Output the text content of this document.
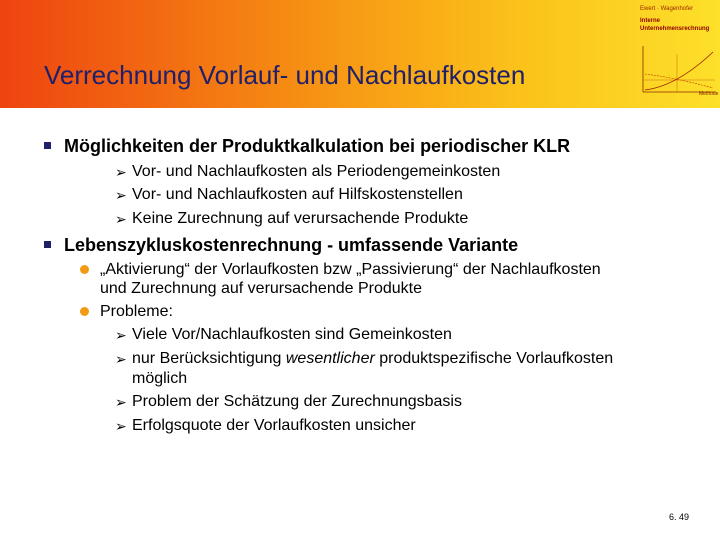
Ewert · Wagenhofer
Interne
Unternehmensrechnung
Methode
Verrechnung Vorlauf- und Nachlaufkosten
Möglichkeiten der Produktkalkulation bei periodischer KLR
➢ Vor- und Nachlaufkosten als Periodengemeinkosten
➢ Vor- und Nachlaufkosten auf Hilfskostenstellen
➢ Keine Zurechnung auf verursachende Produkte
Lebenszykluskostenrechnung - umfassende Variante
„Aktivierung“ der Vorlaufkosten bzw „Passivierung“ der Nachlaufkosten
und Zurechnung auf verursachende Produkte
Probleme:
➢ Viele Vor/Nachlaufkosten sind Gemeinkosten
➢ nur Berücksichtigung wesentlicher produktspezifische Vorlaufkosten
möglich
➢ Problem der Schätzung der Zurechnungsbasis
➢ Erfolgsquote der Vorlaufkosten unsicher
6. 49
